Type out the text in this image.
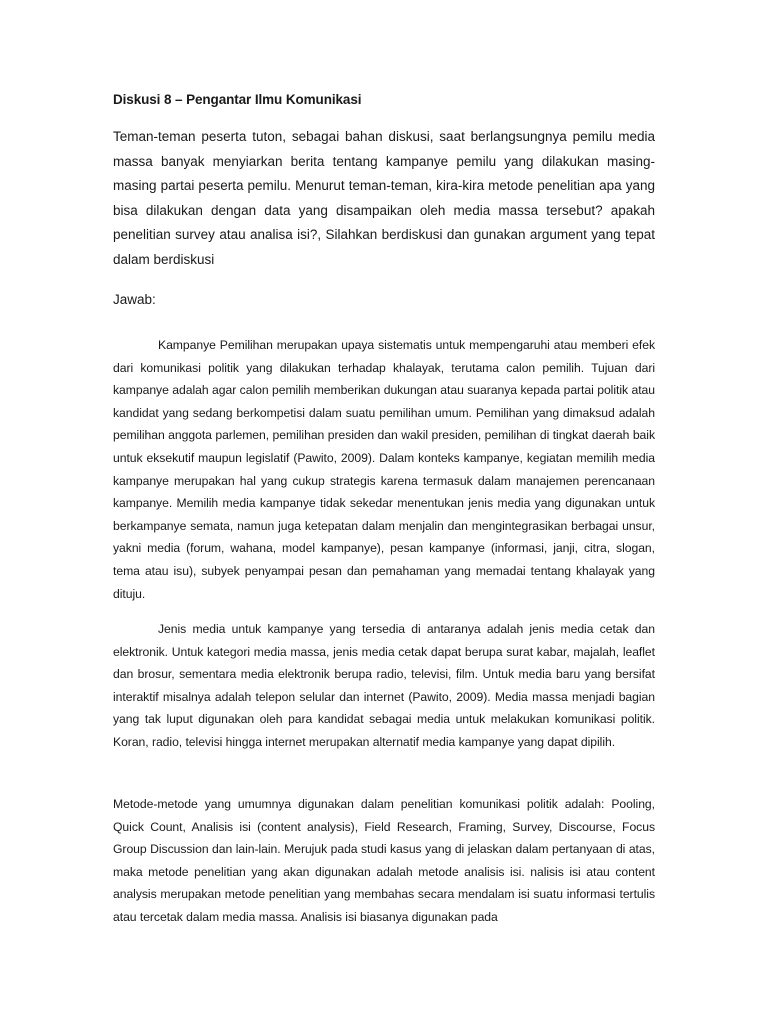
Diskusi 8 – Pengantar Ilmu Komunikasi

Teman-teman peserta tuton, sebagai bahan diskusi, saat berlangsungnya pemilu media massa banyak menyiarkan berita tentang kampanye pemilu yang dilakukan masing-masing partai peserta pemilu. Menurut teman-teman, kira-kira metode penelitian apa yang bisa dilakukan dengan data yang disampaikan oleh media massa tersebut? apakah penelitian survey atau analisa isi?, Silahkan berdiskusi dan gunakan argument yang tepat dalam berdiskusi

Jawab:

Kampanye Pemilihan merupakan upaya sistematis untuk mempengaruhi atau memberi efek dari komunikasi politik yang dilakukan terhadap khalayak, terutama calon pemilih. Tujuan dari kampanye adalah agar calon pemilih memberikan dukungan atau suaranya kepada partai politik atau kandidat yang sedang berkompetisi dalam suatu pemilihan umum. Pemilihan yang dimaksud adalah pemilihan anggota parlemen, pemilihan presiden dan wakil presiden, pemilihan di tingkat daerah baik untuk eksekutif maupun legislatif (Pawito, 2009). Dalam konteks kampanye, kegiatan memilih media kampanye merupakan hal yang cukup strategis karena termasuk dalam manajemen perencanaan kampanye. Memilih media kampanye tidak sekedar menentukan jenis media yang digunakan untuk berkampanye semata, namun juga ketepatan dalam menjalin dan mengintegrasikan berbagai unsur, yakni media (forum, wahana, model kampanye), pesan kampanye (informasi, janji, citra, slogan, tema atau isu), subyek penyampai pesan dan pemahaman yang memadai tentang khalayak yang dituju.

Jenis media untuk kampanye yang tersedia di antaranya adalah jenis media cetak dan elektronik. Untuk kategori media massa, jenis media cetak dapat berupa surat kabar, majalah, leaflet dan brosur, sementara media elektronik berupa radio, televisi, film. Untuk media baru yang bersifat interaktif misalnya adalah telepon selular dan internet (Pawito, 2009). Media massa menjadi bagian yang tak luput digunakan oleh para kandidat sebagai media untuk melakukan komunikasi politik. Koran, radio, televisi hingga internet merupakan alternatif media kampanye yang dapat dipilih.

Metode-metode yang umumnya digunakan dalam penelitian komunikasi politik adalah: Pooling, Quick Count, Analisis isi (content analysis), Field Research, Framing, Survey, Discourse, Focus Group Discussion dan lain-lain. Merujuk pada studi kasus yang di jelaskan dalam pertanyaan di atas, maka metode penelitian yang akan digunakan adalah metode analisis isi. nalisis isi atau content analysis merupakan metode penelitian yang membahas secara mendalam isi suatu informasi tertulis atau tercetak dalam media massa. Analisis isi biasanya digunakan pada
